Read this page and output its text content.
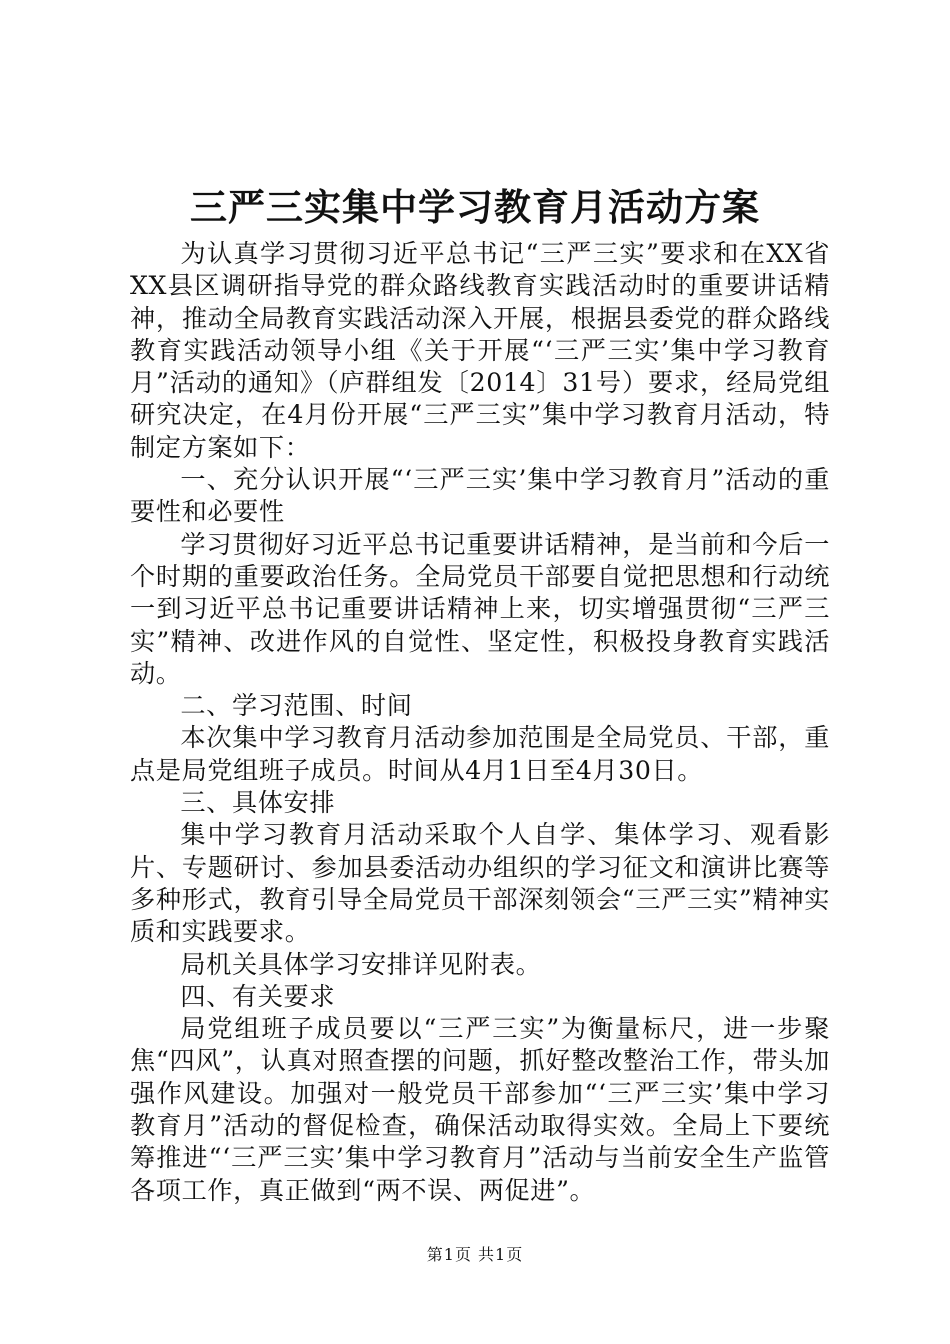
三严三实集中学习教育月活动方案

为认真学习贯彻习近平总书记“三严三实”要求和在XX省XX县区调研指导党的群众路线教育实践活动时的重要讲话精神，推动全局教育实践活动深入开展，根据县委党的群众路线教育实践活动领导小组《关于开展“‘三严三实’集中学习教育月”活动的通知》（庐群组发〔2014〕31号）要求，经局党组研究决定，在4月份开展“三严三实”集中学习教育月活动，特制定方案如下：

一、充分认识开展“‘三严三实’集中学习教育月”活动的重要性和必要性

学习贯彻好习近平总书记重要讲话精神，是当前和今后一个时期的重要政治任务。全局党员干部要自觉把思想和行动统一到习近平总书记重要讲话精神上来，切实增强贯彻“三严三实”精神、改进作风的自觉性、坚定性，积极投身教育实践活动。

二、学习范围、时间

本次集中学习教育月活动参加范围是全局党员、干部，重点是局党组班子成员。时间从4月1日至4月30日。

三、具体安排

集中学习教育月活动采取个人自学、集体学习、观看影片、专题研讨、参加县委活动办组织的学习征文和演讲比赛等多种形式，教育引导全局党员干部深刻领会“三严三实”精神实质和实践要求。

局机关具体学习安排详见附表。

四、有关要求

局党组班子成员要以“三严三实”为衡量标尺，进一步聚焦“四风”，认真对照查摆的问题，抓好整改整治工作，带头加强作风建设。加强对一般党员干部参加“‘三严三实’集中学习教育月”活动的督促检查，确保活动取得实效。全局上下要统筹推进“‘三严三实’集中学习教育月”活动与当前安全生产监管各项工作，真正做到“两不误、两促进”。

第1页 共1页
